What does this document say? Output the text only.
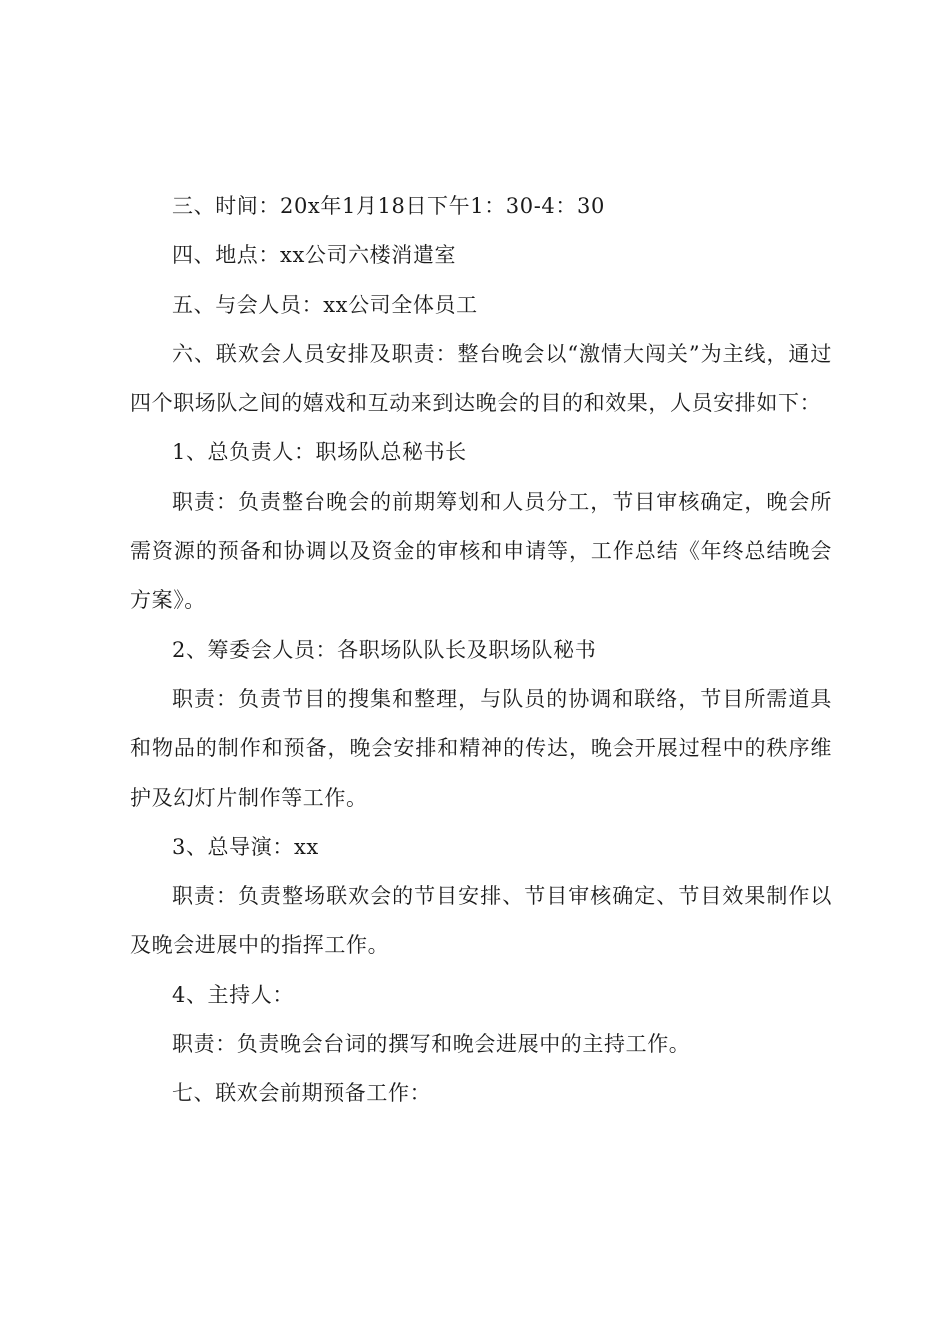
三、时间：20x年1月18日下午1：30-4：30

四、地点：xx公司六楼消遣室

五、与会人员：xx公司全体员工

六、联欢会人员安排及职责：整台晚会以“激情大闯关”为主线，通过四个职场队之间的嬉戏和互动来到达晚会的目的和效果，人员安排如下：

1、总负责人：职场队总秘书长

职责：负责整台晚会的前期筹划和人员分工，节目审核确定，晚会所需资源的预备和协调以及资金的审核和申请等，工作总结《年终总结晚会方案》。

2、筹委会人员：各职场队队长及职场队秘书

职责：负责节目的搜集和整理，与队员的协调和联络，节目所需道具和物品的制作和预备，晚会安排和精神的传达，晚会开展过程中的秩序维护及幻灯片制作等工作。

3、总导演：xx

职责：负责整场联欢会的节目安排、节目审核确定、节目效果制作以及晚会进展中的指挥工作。

4、主持人：

职责：负责晚会台词的撰写和晚会进展中的主持工作。

七、联欢会前期预备工作：
